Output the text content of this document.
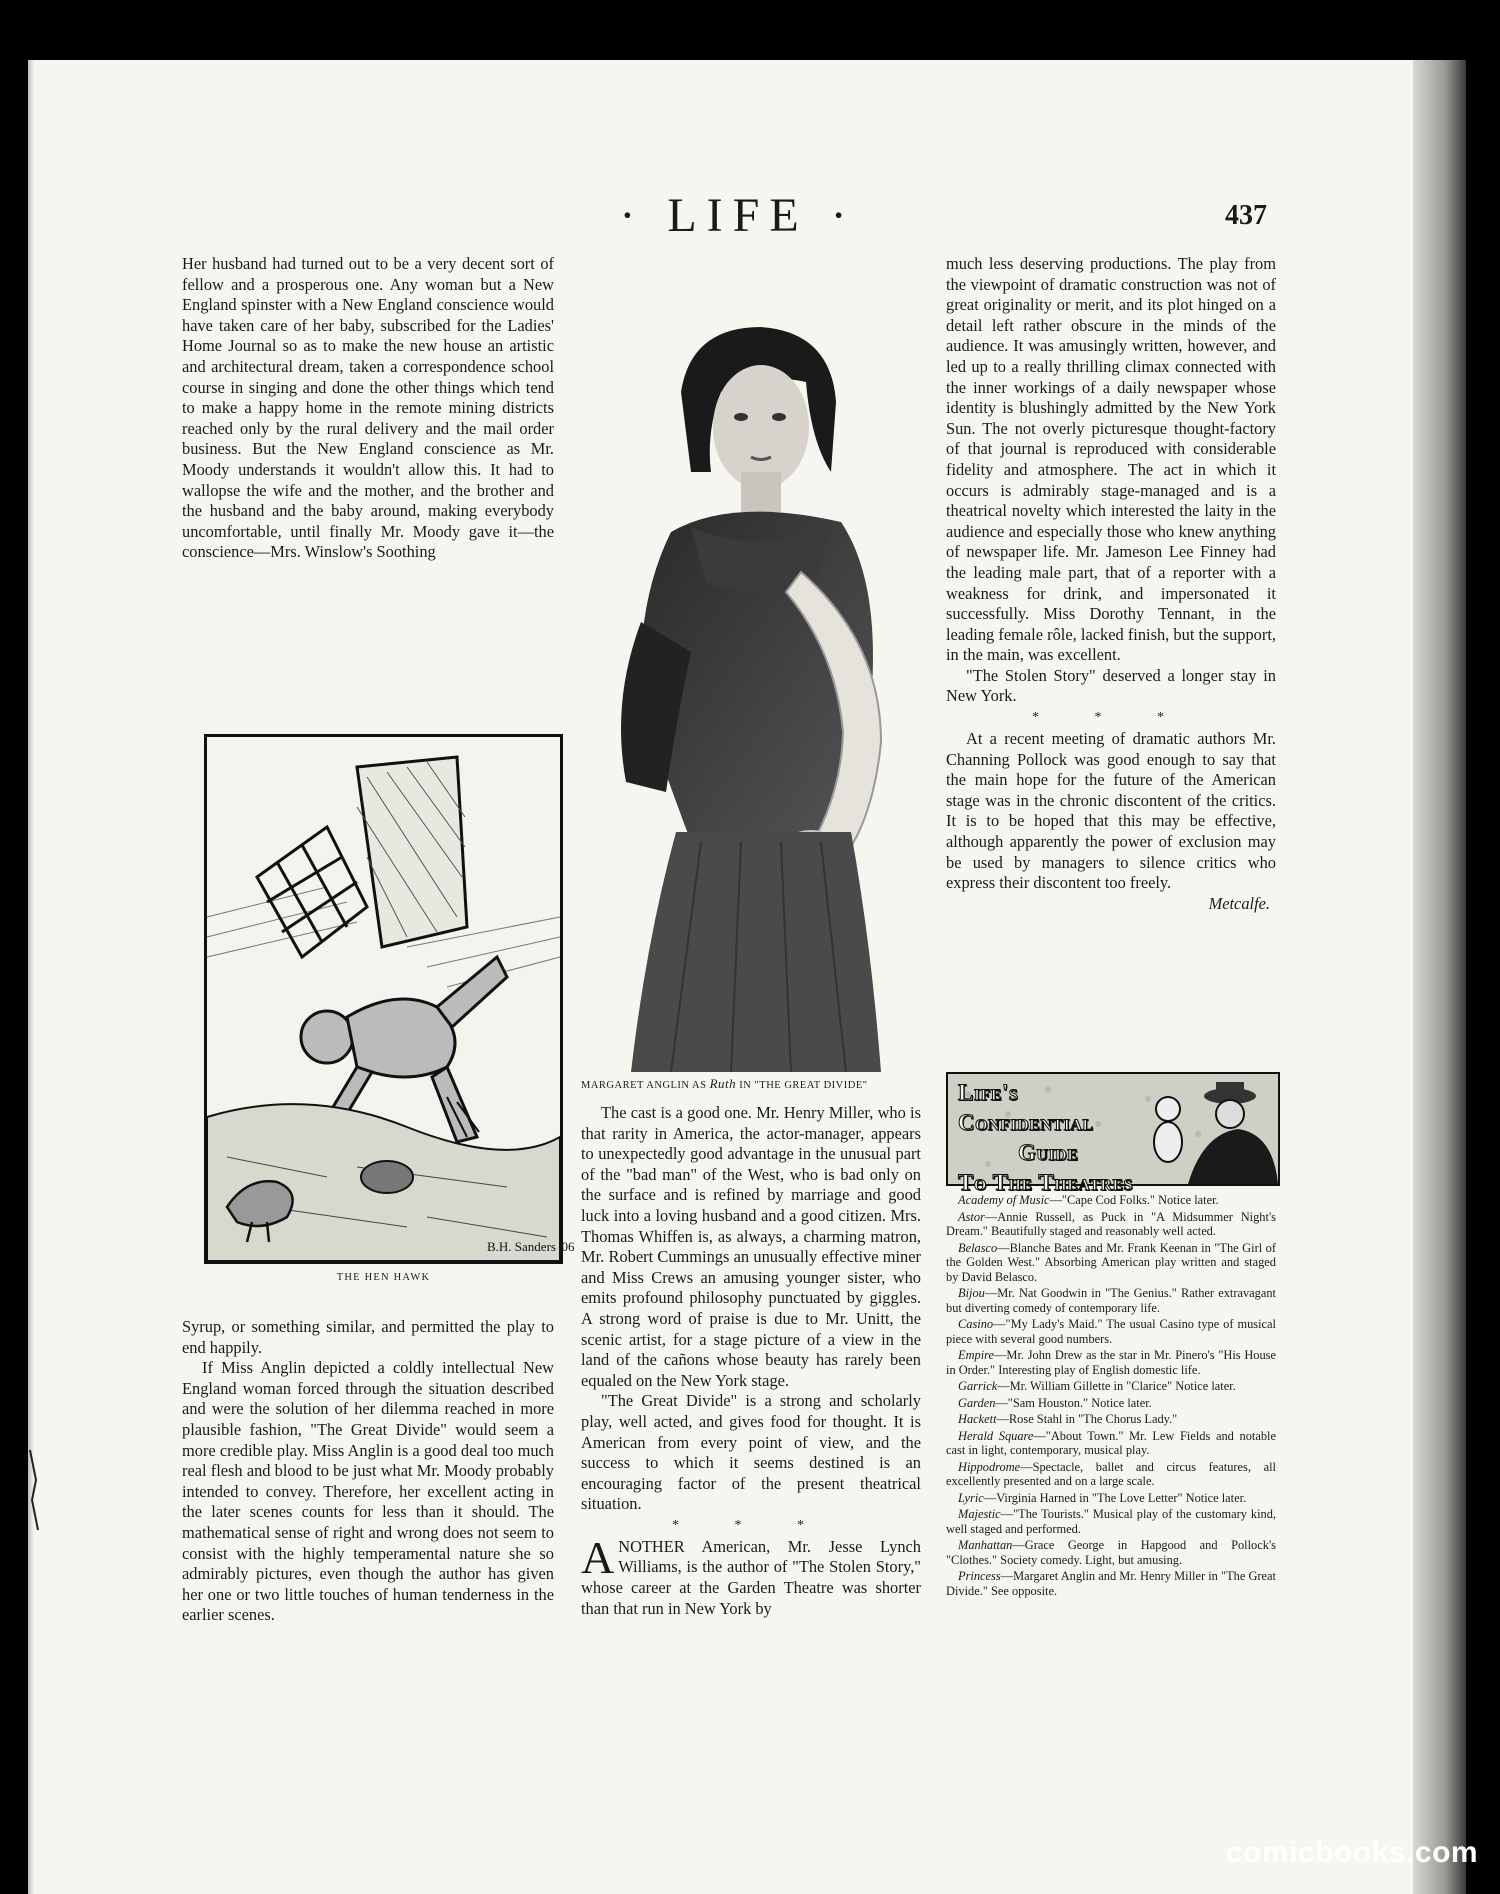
· LIFE ·	437

Her husband had turned out to be a very decent sort of fellow and a prosperous one. Any woman but a New England spinster with a New England conscience would have taken care of her baby, subscribed for the Ladies' Home Journal so as to make the new house an artistic and architectural dream, taken a correspondence school course in singing and done the other things which tend to make a happy home in the remote mining districts reached only by the rural delivery and the mail order business. But the New England conscience as Mr. Moody understands it wouldn't allow this. It had to wallopse the wife and the mother, and the brother and the husband and the baby around, making everybody uncomfortable, until finally Mr. Moody gave it—the conscience—Mrs. Winslow's Soothing

B.H. Sanders '06
THE HEN HAWK

Syrup, or something similar, and permitted the play to end happily.

If Miss Anglin depicted a coldly intellectual New England woman forced through the situation described and were the solution of her dilemma reached in more plausible fashion, "The Great Divide" would seem a more credible play. Miss Anglin is a good deal too much real flesh and blood to be just what Mr. Moody probably intended to convey. Therefore, her excellent acting in the later scenes counts for less than it should. The mathematical sense of right and wrong does not seem to consist with the highly temperamental nature she so admirably pictures, even though the author has given her one or two little touches of human tenderness in the earlier scenes.

MARGARET ANGLIN AS Ruth IN "THE GREAT DIVIDE"

The cast is a good one. Mr. Henry Miller, who is that rarity in America, the actor-manager, appears to unexpectedly good advantage in the unusual part of the "bad man" of the West, who is bad only on the surface and is refined by marriage and good luck into a loving husband and a good citizen. Mrs. Thomas Whiffen is, as always, a charming matron, Mr. Robert Cummings an unusually effective miner and Miss Crews an amusing younger sister, who emits profound philosophy punctuated by giggles. A strong word of praise is due to Mr. Unitt, the scenic artist, for a stage picture of a view in the land of the cañons whose beauty has rarely been equaled on the New York stage.

"The Great Divide" is a strong and scholarly play, well acted, and gives food for thought. It is American from every point of view, and the success to which it seems destined is an encouraging factor of the present theatrical situation.

* * *

ANOTHER American, Mr. Jesse Lynch Williams, is the author of "The Stolen Story," whose career at the Garden Theatre was shorter than that run in New York by

much less deserving productions. The play from the viewpoint of dramatic construction was not of great originality or merit, and its plot hinged on a detail left rather obscure in the minds of the audience. It was amusingly written, however, and led up to a really thrilling climax connected with the inner workings of a daily newspaper whose identity is blushingly admitted by the New York Sun. The not overly picturesque thought-factory of that journal is reproduced with considerable fidelity and atmosphere. The act in which it occurs is admirably stage-managed and is a theatrical novelty which interested the laity in the audience and especially those who knew anything of newspaper life. Mr. Jameson Lee Finney had the leading male part, that of a reporter with a weakness for drink, and impersonated it successfully. Miss Dorothy Tennant, in the leading female rôle, lacked finish, but the support, in the main, was excellent.

"The Stolen Story" deserved a longer stay in New York.

* * *

At a recent meeting of dramatic authors Mr. Channing Pollock was good enough to say that the main hope for the future of the American stage was in the chronic discontent of the critics. It is to be hoped that this may be effective, although apparently the power of exclusion may be used by managers to silence critics who express their discontent too freely.

Metcalfe.
Life's Confidential
Guide
To The Theatres
Academy of Music—"Cape Cod Folks." Notice later.
Astor—Annie Russell, as Puck in "A Midsummer Night's Dream." Beautifully staged and reasonably well acted.
Belasco—Blanche Bates and Mr. Frank Keenan in "The Girl of the Golden West." Absorbing American play written and staged by David Belasco.
Bijou—Mr. Nat Goodwin in "The Genius." Rather extravagant but diverting comedy of contemporary life.
Casino—"My Lady's Maid." The usual Casino type of musical piece with several good numbers.
Empire—Mr. John Drew as the star in Mr. Pinero's "His House in Order." Interesting play of English domestic life.
Garrick—Mr. William Gillette in "Clarice" Notice later.
Garden—"Sam Houston." Notice later.
Hackett—Rose Stahl in "The Chorus Lady."
Herald Square—"About Town." Mr. Lew Fields and notable cast in light, contemporary, musical play.
Hippodrome—Spectacle, ballet and circus features, all excellently presented and on a large scale.
Lyric—Virginia Harned in "The Love Letter" Notice later.
Majestic—"The Tourists." Musical play of the customary kind, well staged and performed.
Manhattan—Grace George in Hapgood and Pollock's "Clothes." Society comedy. Light, but amusing.
Princess—Margaret Anglin and Mr. Henry Miller in "The Great Divide." See opposite.
comicbooks.com
